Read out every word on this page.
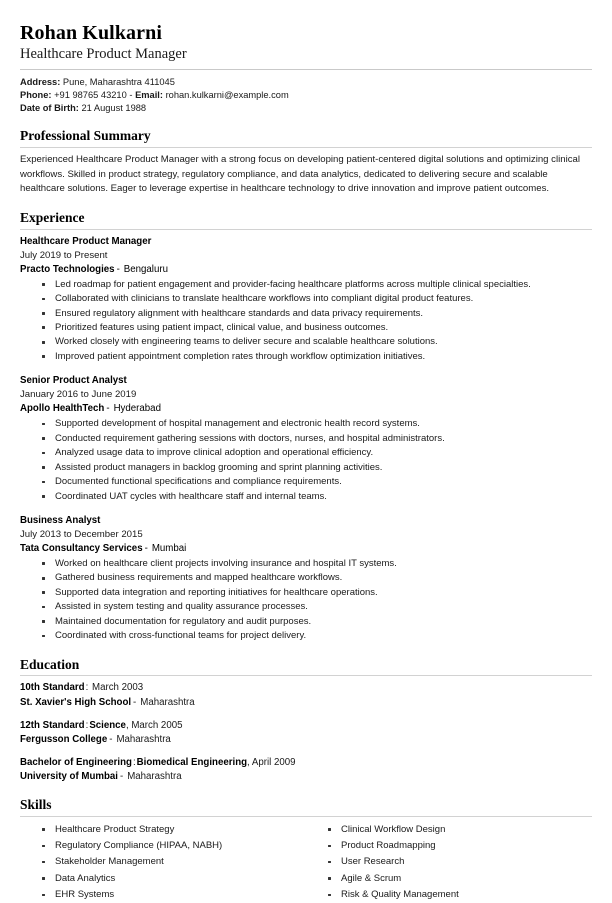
Rohan Kulkarni
Healthcare Product Manager
Address: Pune, Maharashtra 411045
Phone: +91 98765 43210 - Email: rohan.kulkarni@example.com
Date of Birth: 21 August 1988
Professional Summary
Experienced Healthcare Product Manager with a strong focus on developing patient-centered digital solutions and optimizing clinical workflows. Skilled in product strategy, regulatory compliance, and data analytics, dedicated to delivering secure and scalable healthcare solutions. Eager to leverage expertise in healthcare technology to drive innovation and improve patient outcomes.
Experience
Healthcare Product Manager
July 2019 to Present
Practo Technologies - Bengaluru
Led roadmap for patient engagement and provider-facing healthcare platforms across multiple clinical specialties.
Collaborated with clinicians to translate healthcare workflows into compliant digital product features.
Ensured regulatory alignment with healthcare standards and data privacy requirements.
Prioritized features using patient impact, clinical value, and business outcomes.
Worked closely with engineering teams to deliver secure and scalable healthcare solutions.
Improved patient appointment completion rates through workflow optimization initiatives.
Senior Product Analyst
January 2016 to June 2019
Apollo HealthTech - Hyderabad
Supported development of hospital management and electronic health record systems.
Conducted requirement gathering sessions with doctors, nurses, and hospital administrators.
Analyzed usage data to improve clinical adoption and operational efficiency.
Assisted product managers in backlog grooming and sprint planning activities.
Documented functional specifications and compliance requirements.
Coordinated UAT cycles with healthcare staff and internal teams.
Business Analyst
July 2013 to December 2015
Tata Consultancy Services - Mumbai
Worked on healthcare client projects involving insurance and hospital IT systems.
Gathered business requirements and mapped healthcare workflows.
Supported data integration and reporting initiatives for healthcare operations.
Assisted in system testing and quality assurance processes.
Maintained documentation for regulatory and audit purposes.
Coordinated with cross-functional teams for project delivery.
Education
10th Standard: March 2003
St. Xavier's High School - Maharashtra
12th Standard:Science, March 2005
Fergusson College - Maharashtra
Bachelor of Engineering:Biomedical Engineering, April 2009
University of Mumbai - Maharashtra
Skills
Healthcare Product Strategy
Regulatory Compliance (HIPAA, NABH)
Stakeholder Management
Data Analytics
EHR Systems
Clinical Workflow Design
Product Roadmapping
User Research
Agile & Scrum
Risk & Quality Management
